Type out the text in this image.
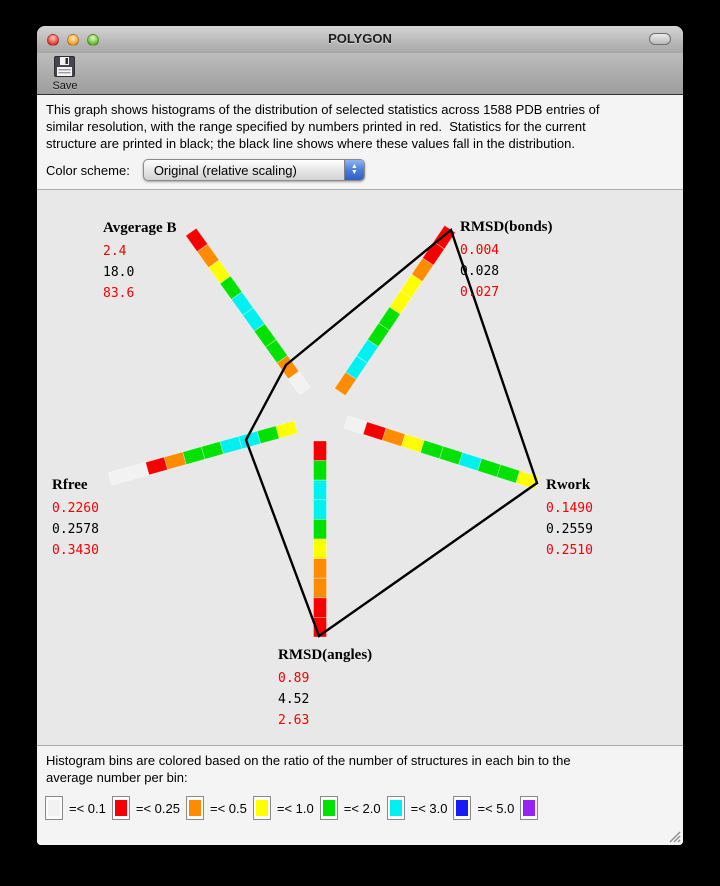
POLYGON
Save
This graph shows histograms of the distribution of selected statistics across 1588 PDB entries of
similar resolution, with the range specified by numbers printed in red.  Statistics for the current
structure are printed in black; the black line shows where these values fall in the distribution.
Color scheme: Original (relative scaling)	▲
▼
Avgerage B
2.4
18.0
83.6
RMSD(bonds)
0.004
0.028
0.027
Rwork
0.1490
0.2559
0.2510
Rfree
0.2260
0.2578
0.3430
RMSD(angles)
0.89
4.52
2.63
Histogram bins are colored based on the ratio of the number of structures in each bin to the
average number per bin:
=< 0.1 =< 0.25 =< 0.5 =< 1.0 =< 2.0 =< 3.0 =< 5.0
